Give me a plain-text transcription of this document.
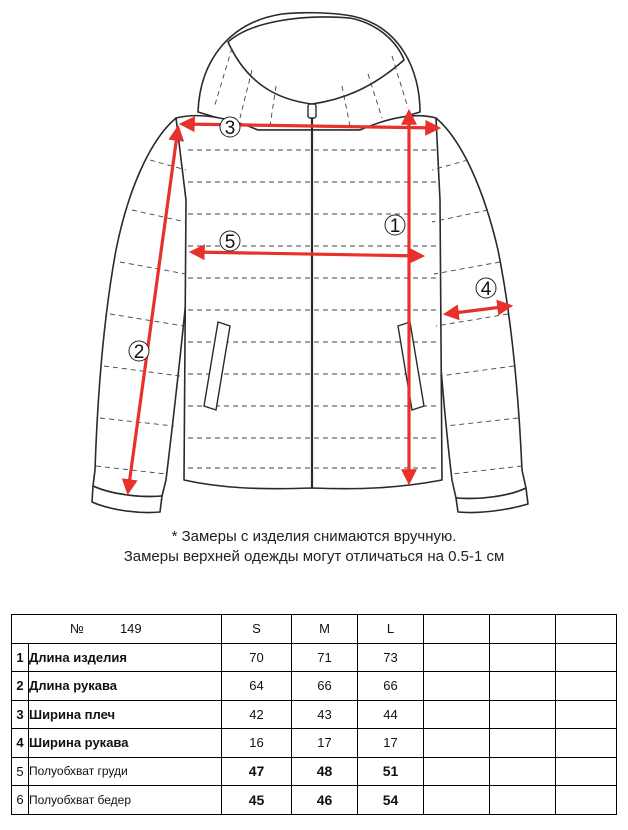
1
2
3
4
5
* Замеры с изделия снимаются вручную.
Замеры верхней одежды могут отличаться на 0.5-1 см
№ 149		S	M	L			
1	Длина изделия	70	71	73			
2	Длина рукава	64	66	66			
3	Ширина плеч	42	43	44			
4	Ширина рукава	16	17	17			
5	Полуобхват груди	47	48	51			
6	Полуобхват бедер	45	46	54			
